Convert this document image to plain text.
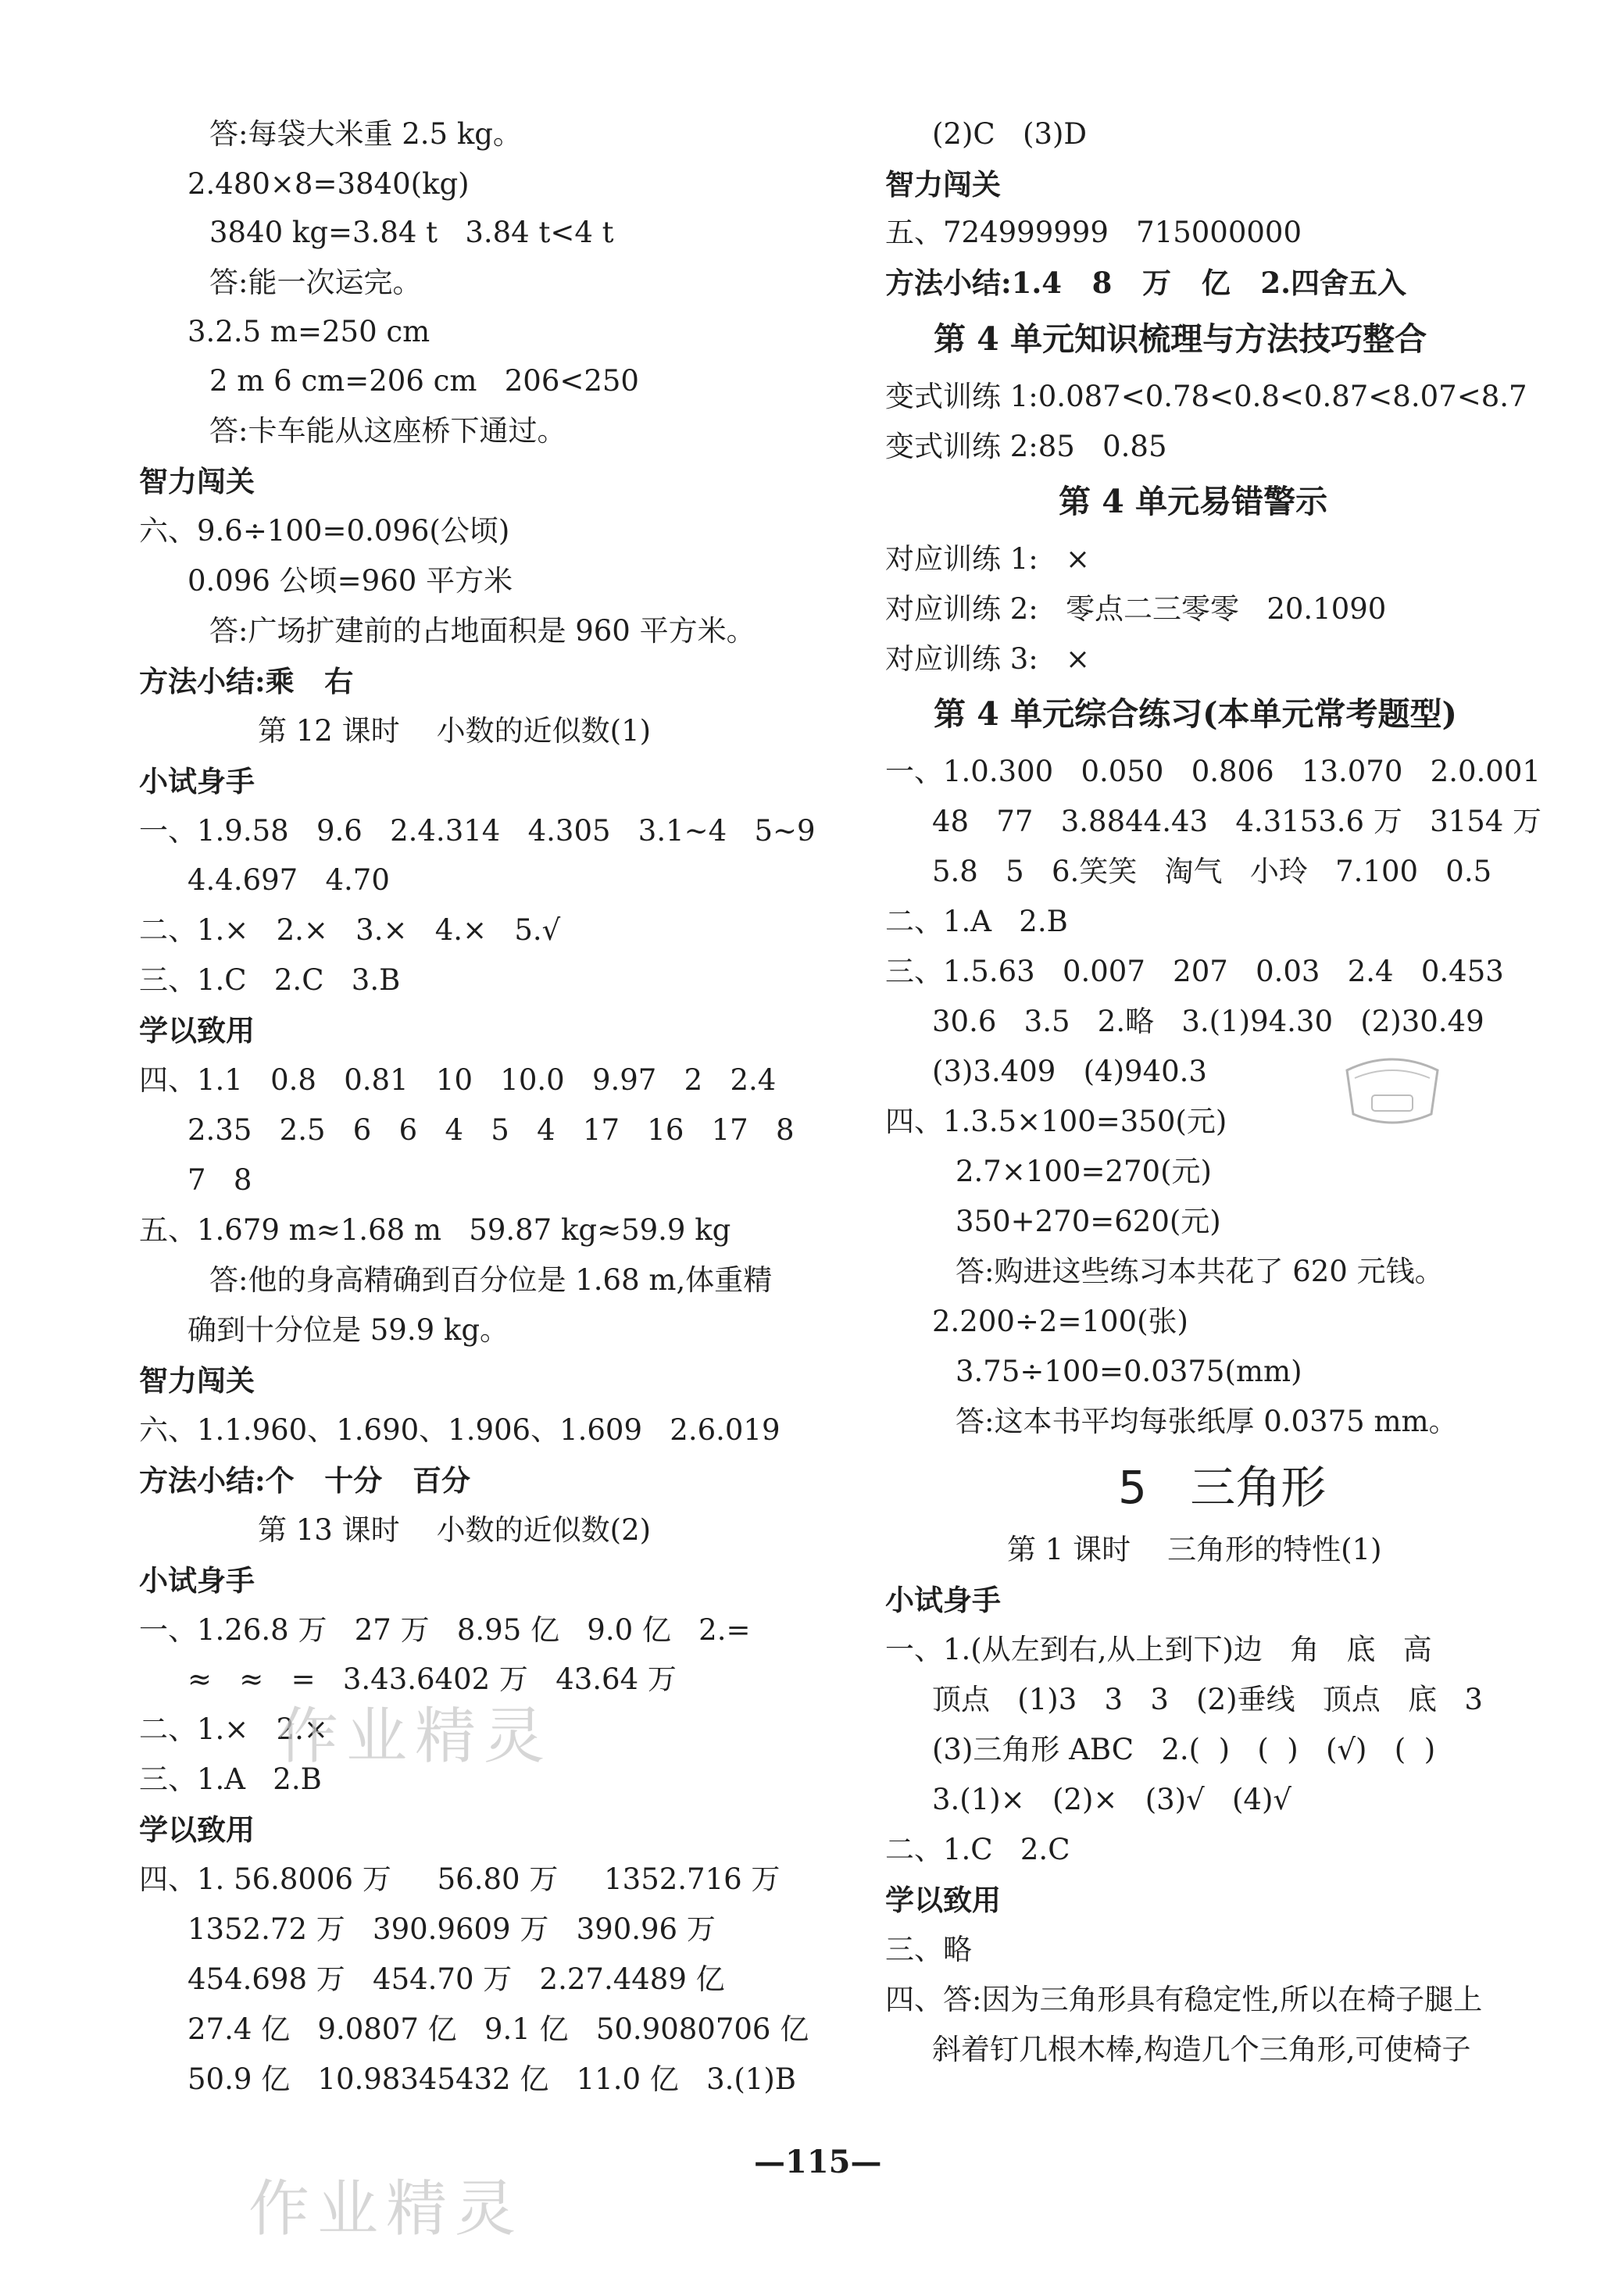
答:每袋大米重 2.5 kg。
2.480×8=3840(kg)
3840 kg=3.84 t   3.84 t<4 t
答:能一次运完。
3.2.5 m=250 cm
2 m 6 cm=206 cm   206<250
答:卡车能从这座桥下通过。
智力闯关
六、9.6÷100=0.096(公顷)
0.096 公顷=960 平方米
答:广场扩建前的占地面积是 960 平方米。
方法小结:乘   右
第 12 课时    小数的近似数(1)
小试身手
一、1.9.58   9.6   2.4.314   4.305   3.1~4   5~9
4.4.697   4.70
二、1.×   2.×   3.×   4.×   5.√
三、1.C   2.C   3.B
学以致用
四、1.1   0.8   0.81   10   10.0   9.97   2   2.4
2.35   2.5   6   6   4   5   4   17   16   17   8
7   8
五、1.679 m≈1.68 m   59.87 kg≈59.9 kg
答:他的身高精确到百分位是 1.68 m,体重精
确到十分位是 59.9 kg。
智力闯关
六、1.1.960、1.690、1.906、1.609   2.6.019
方法小结:个   十分   百分
第 13 课时    小数的近似数(2)
小试身手
一、1.26.8 万   27 万   8.95 亿   9.0 亿   2.=
≈   ≈   =   3.43.6402 万   43.64 万
二、1.×   2.×
三、1.A   2.B
学以致用
四、1. 56.8006 万     56.80 万     1352.716 万
1352.72 万   390.9609 万   390.96 万
454.698 万   454.70 万   2.27.4489 亿
27.4 亿   9.0807 亿   9.1 亿   50.9080706 亿
50.9 亿   10.98345432 亿   11.0 亿   3.(1)B
(2)C   (3)D
智力闯关
五、724999999   715000000
方法小结:1.4   8   万   亿   2.四舍五入
第 4 单元知识梳理与方法技巧整合
变式训练 1:0.087<0.78<0.8<0.87<8.07<8.7
变式训练 2:85   0.85
第 4 单元易错警示
对应训练 1:   ×
对应训练 2:   零点二三零零   20.1090
对应训练 3:   ×
第 4 单元综合练习(本单元常考题型)
一、1.0.300   0.050   0.806   13.070   2.0.001
48   77   3.8844.43   4.3153.6 万   3154 万
5.8   5   6.笑笑   淘气   小玲   7.100   0.5
二、1.A   2.B
三、1.5.63   0.007   207   0.03   2.4   0.453
30.6   3.5   2.略   3.(1)94.30   (2)30.49
(3)3.409   (4)940.3
四、1.3.5×100=350(元)
2.7×100=270(元)
350+270=620(元)
答:购进这些练习本共花了 620 元钱。
2.200÷2=100(张)
3.75÷100=0.0375(mm)
答:这本书平均每张纸厚 0.0375 mm。
5   三角形
第 1 课时    三角形的特性(1)
小试身手
一、1.(从左到右,从上到下)边   角   底   高
顶点   (1)3   3   3   (2)垂线   顶点   底   3
(3)三角形 ABC   2.(  )   (  )   (√)   (  )
3.(1)×   (2)×   (3)√   (4)√
二、1.C   2.C
学以致用
三、略
四、答:因为三角形具有稳定性,所以在椅子腿上
斜着钉几根木棒,构造几个三角形,可使椅子
—115—
作业精灵
作业精灵
